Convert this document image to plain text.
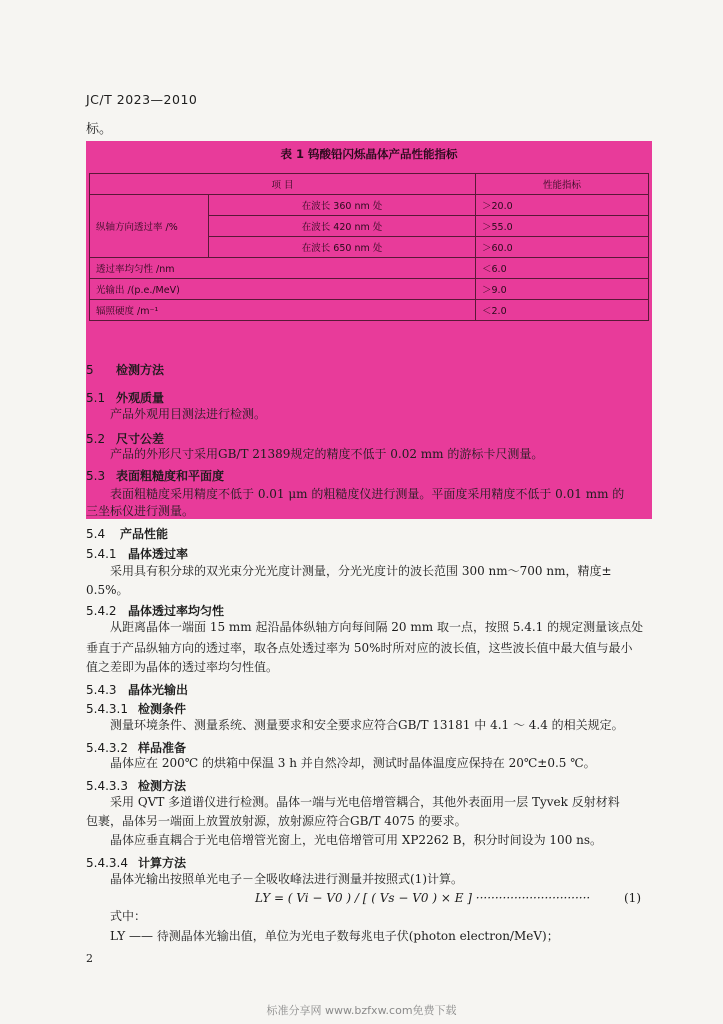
JC/T 2023—2010
标。
表 1 钨酸铅闪烁晶体产品性能指标
项 目		性能指标
纵轴方向透过率 /%	在波长 360 nm 处	＞20.0
	在波长 420 nm 处	＞55.0
	在波长 650 nm 处	＞60.0
透过率均匀性 /nm		＜6.0
光输出 /(p.e./MeV)		＞9.0
辐照硬度 /m⁻¹		＜2.0
5 检测方法
5.1 外观质量
产品外观用目测法进行检测。
5.2 尺寸公差
产品的外形尺寸采用GB/T 21389规定的精度不低于 0.02 mm 的游标卡尺测量。
5.3 表面粗糙度和平面度
表面粗糙度采用精度不低于 0.01 μm 的粗糙度仪进行测量。平面度采用精度不低于 0.01 mm 的
三坐标仪进行测量。
5.4 产品性能
5.4.1 晶体透过率
采用具有积分球的双光束分光光度计测量，分光光度计的波长范围 300 nm～700 nm，精度±
0.5%。
5.4.2 晶体透过率均匀性
从距离晶体一端面 15 mm 起沿晶体纵轴方向每间隔 20 mm 取一点，按照 5.4.1 的规定测量该点处
垂直于产品纵轴方向的透过率，取各点处透过率为 50%时所对应的波长值，这些波长值中最大值与最小
值之差即为晶体的透过率均匀性值。
5.4.3 晶体光输出
5.4.3.1 检测条件
测量环境条件、测量系统、测量要求和安全要求应符合GB/T 13181 中 4.1 ～ 4.4 的相关规定。
5.4.3.2 样品准备
晶体应在 200℃ 的烘箱中保温 3 h 并自然冷却，测试时晶体温度应保持在 20℃±0.5 ℃。
5.4.3.3 检测方法
采用 QVT 多道谱仪进行检测。晶体一端与光电倍增管耦合，其他外表面用一层 Tyvek 反射材料
包裹，晶体另一端面上放置放射源，放射源应符合GB/T 4075 的要求。
晶体应垂直耦合于光电倍增管光窗上，光电倍增管可用 XP2262 B，积分时间设为 100 ns。
5.4.3.4 计算方法
晶体光输出按照单光电子－全吸收峰法进行测量并按照式(1)计算。
LY = ( Vi − V0 ) / [ ( Vs − V0 ) × E ] ······························	(1)
式中：
LY —— 待测晶体光输出值，单位为光电子数每兆电子伏(photon electron/MeV)；
2
标准分享网 www.bzfxw.com免费下载
